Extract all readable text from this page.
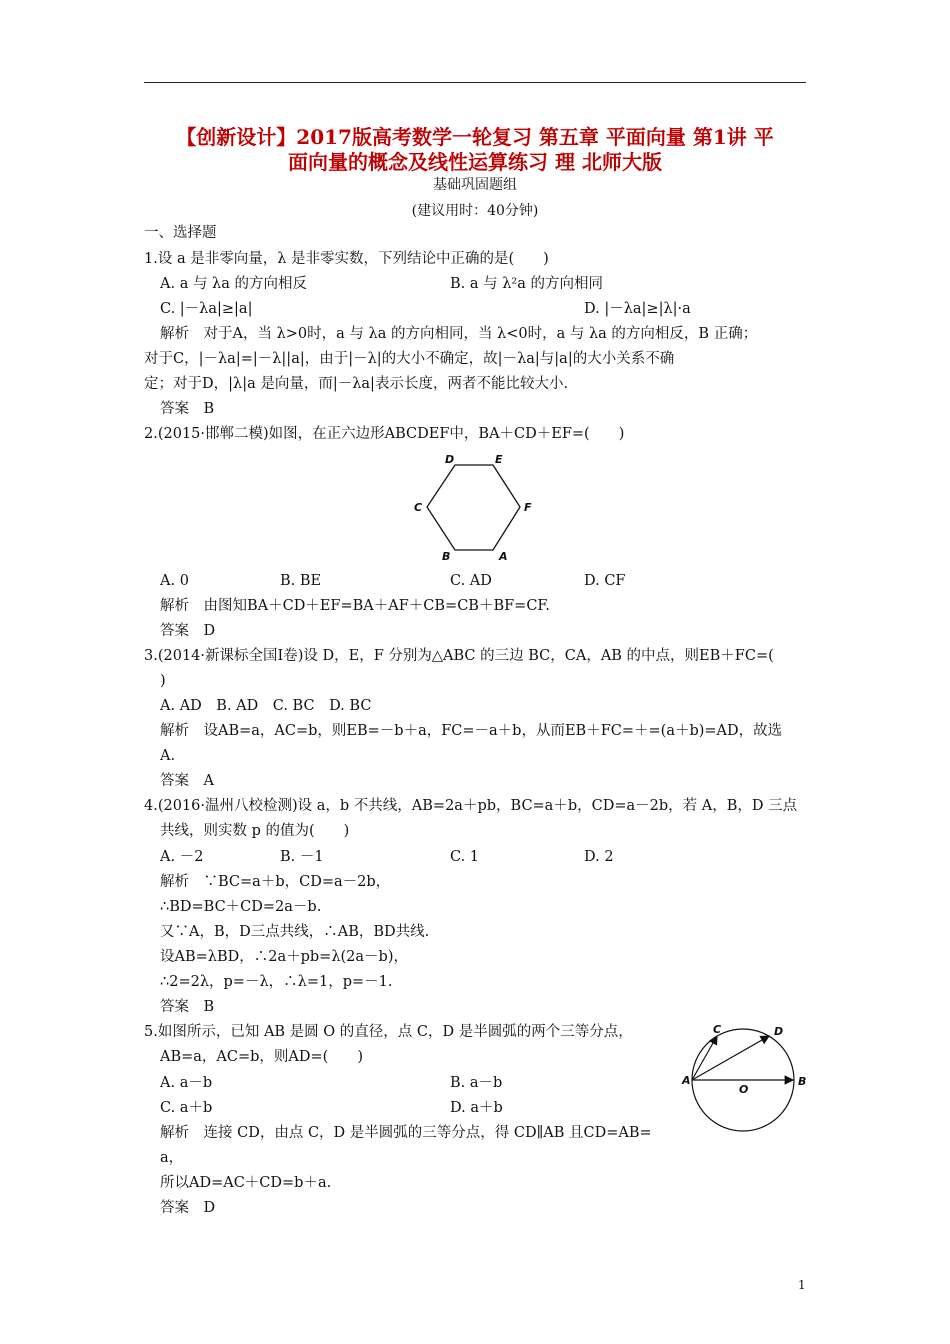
【创新设计】2017版高考数学一轮复习 第五章 平面向量 第1讲 平
面向量的概念及线性运算练习 理 北师大版
基础巩固题组
(建议用时：40分钟)
一、选择题
1.设 a 是非零向量，λ 是非零实数，下列结论中正确的是(　　)
A. a 与 λa 的方向相反	B. a 与 λ²a 的方向相同
C. |－λa|≥|a|	D. |－λa|≥|λ|·a
解析　对于A，当 λ>0时，a 与 λa 的方向相同，当 λ<0时，a 与 λa 的方向相反，B 正确；
对于C，|－λa|=|－λ||a|，由于|－λ|的大小不确定，故|－λa|与|a|的大小关系不确
定；对于D，|λ|a 是向量，而|－λa|表示长度，两者不能比较大小.
答案　B
2.(2015·邯郸二模)如图，在正六边形ABCDEF中，BA＋CD＋EF=(　　)
D	E
C	F
B	A
A. 0	B. BE	C. AD	D. CF
解析　由图知BA＋CD＋EF=BA＋AF＋CB=CB＋BF=CF.
答案　D
3.(2014·新课标全国Ⅰ卷)设 D，E，F 分别为△ABC 的三边 BC，CA，AB 的中点，则EB＋FC=(
)
A. AD　B. AD　C. BC　D. BC
解析　设AB=a，AC=b，则EB=－b＋a，FC=－a＋b，从而EB＋FC=＋=(a＋b)=AD，故选
A.
答案　A
4.(2016·温州八校检测)设 a，b 不共线，AB=2a＋pb，BC=a＋b，CD=a－2b，若 A，B，D 三点
共线，则实数 p 的值为(　　)
A. －2	B. －1	C. 1	D. 2
解析　∵BC=a＋b，CD=a－2b，
∴BD=BC＋CD=2a－b.
又∵A，B，D三点共线，∴AB，BD共线.
设AB=λBD，∴2a＋pb=λ(2a－b)，
∴2=2λ，p=－λ，∴λ=1，p=－1.
答案　B
5.如图所示，已知 AB 是圆 O 的直径，点 C，D 是半圆弧的两个三等分点，
AB=a，AC=b，则AD=(　　)
A. a－b	B. a－b
C. a＋b	D. a＋b
解析　连接 CD，由点 C，D 是半圆弧的三等分点，得 CD∥AB 且CD=AB=
a，
所以AD=AC＋CD=b＋a.
答案　D
C	D
A	B
O
1
